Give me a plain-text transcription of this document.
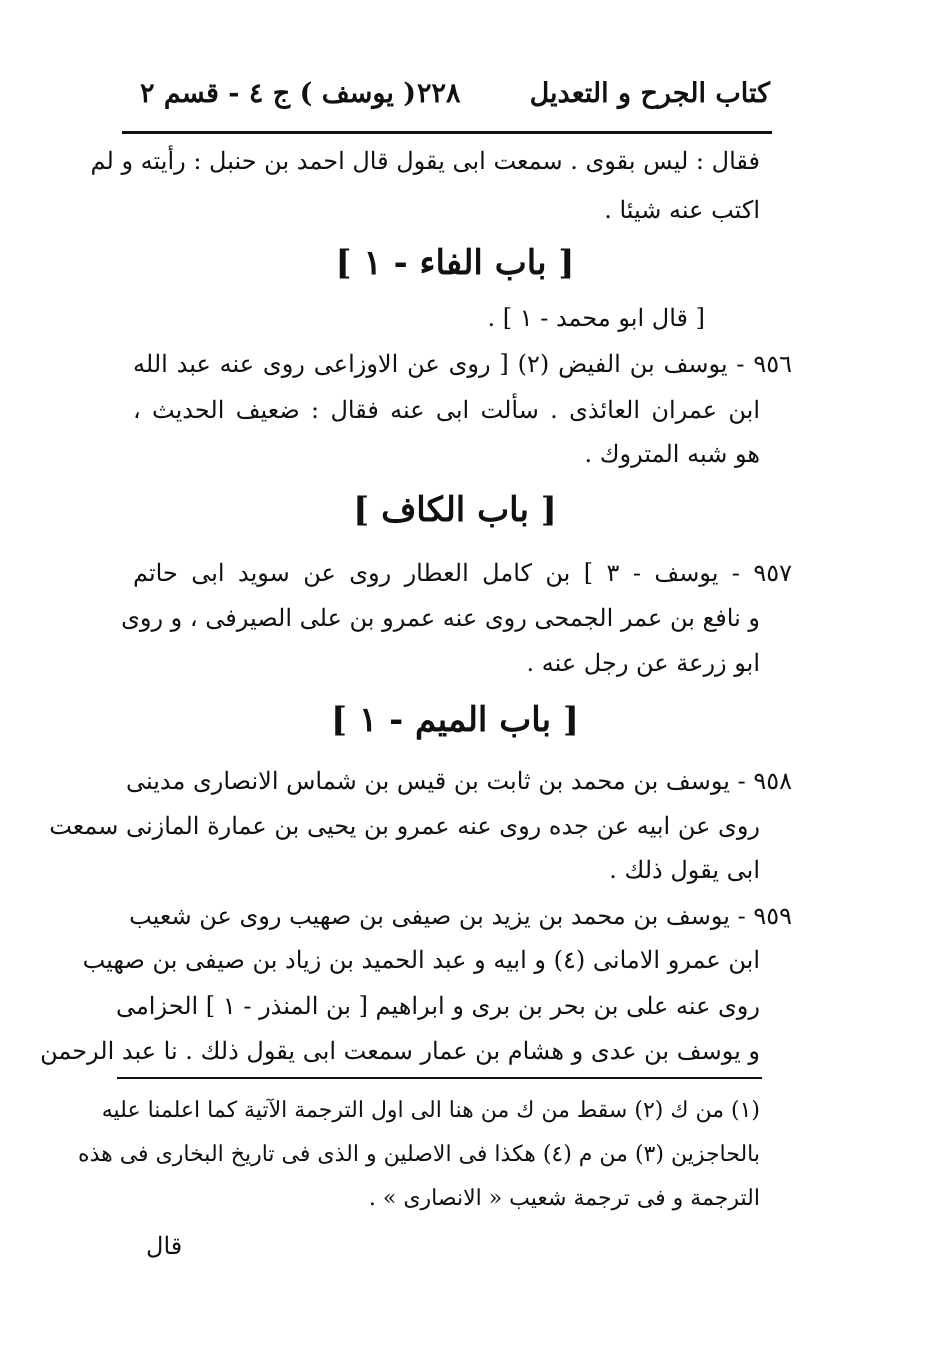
كتاب الجرح و التعديل
٢٢٨
( يوسف ) ج ٤ - قسم ٢
فقال : ليس بقوى . سمعت ابى يقول قال احمد بن حنبل : رأيته و لم
اكتب عنه شيئا .
[ باب الفاء - ١ ]
[ قال ابو محمد - ١ ] .
٩٥٦ - يوسف بن الفيض (٢) [ روى عن الاوزاعى روى عنه عبد الله
ابن عمران العائذى . سألت ابى عنه فقال : ضعيف الحديث ،
هو شبه المتروك .
[ باب الكاف ]
٩٥٧ - يوسف - ٣ ] بن كامل العطار روى عن سويد ابى حاتم
و نافع بن عمر الجمحى روى عنه عمرو بن على الصيرفى ، و روى
ابو زرعة عن رجل عنه .
[ باب الميم - ١ ]
٩٥٨ - يوسف بن محمد بن ثابت بن قيس بن شماس الانصارى مدينى
روى عن ابيه عن جده روى عنه عمرو بن يحيى بن عمارة المازنى سمعت
ابى يقول ذلك .
٩٥٩ - يوسف بن محمد بن يزيد بن صيفى بن صهيب روى عن شعيب
ابن عمرو الامانى (٤) و ابيه و عبد الحميد بن زياد بن صيفى بن صهيب
روى عنه على بن بحر بن برى و ابراهيم [ بن المنذر - ١ ] الحزامى
و يوسف بن عدى و هشام بن عمار سمعت ابى يقول ذلك . نا عبد الرحمن
(١) من ك (٢) سقط من ك من هنا الى اول الترجمة الآتية كما اعلمنا عليه
بالحاجزين (٣) من م (٤) هكذا فى الاصلين و الذى فى تاريخ البخارى فى هذه
الترجمة و فى ترجمة شعيب « الانصارى » .
قال
